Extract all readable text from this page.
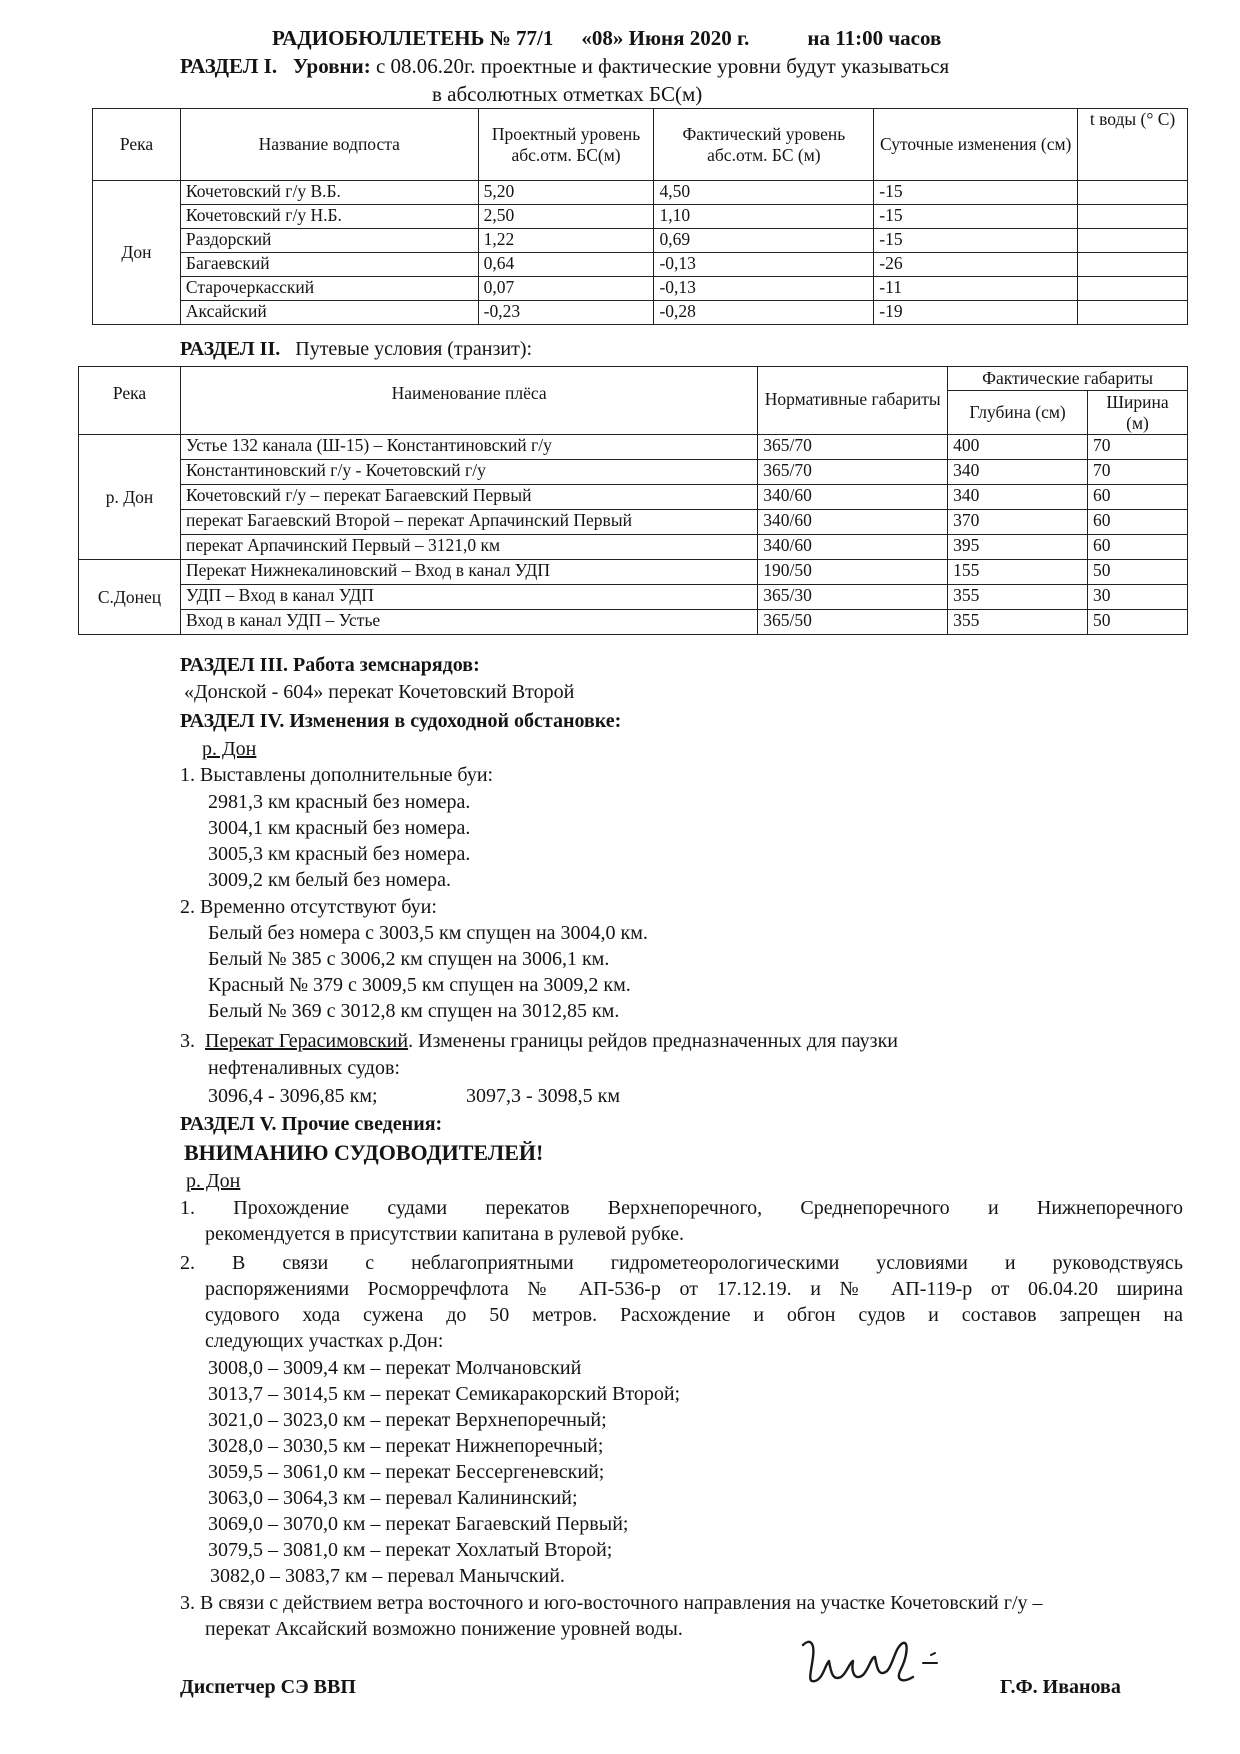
РАДИОБЮЛЛЕТЕНЬ № 77/1 «08» Июня 2020 г.	на 11:00 часов
РАЗДЕЛ I. Уровни: с 08.06.20г. проектные и фактические уровни будут указываться
в абсолютных отметках БС(м)
Река	Название водпоста	Проектный уровень абс.отм. БС(м)	Фактический уровень абс.отм. БС (м)	Суточные изменения (см)	t воды (° С)
Дон	Кочетовский г/у В.Б.	5,20	4,50	-15	
	Кочетовский г/у Н.Б.	2,50	1,10	-15	
	Раздорский	1,22	0,69	-15	
	Багаевский	0,64	-0,13	-26	
	Старочеркасский	0,07	-0,13	-11	
	Аксайский	-0,23	-0,28	-19	
РАЗДЕЛ II. Путевые условия (транзит):
Река	Наименование плёса	Нормативные габариты	Фактические габариты	
			Глубина (см)	Ширина (м)
р. Дон	Устье 132 канала (Ш-15) – Константиновский г/у	365/70	400	70
	Константиновский г/у - Кочетовский г/у	365/70	340	70
	Кочетовский г/у – перекат Багаевский Первый	340/60	340	60
	перекат Багаевский Второй – перекат Арпачинский Первый	340/60	370	60
	перекат Арпачинский Первый – 3121,0 км	340/60	395	60
С.Донец	Перекат Нижнекалиновский – Вход в канал УДП	190/50	155	50
	УДП – Вход в канал УДП	365/30	355	30
	Вход в канал УДП – Устье	365/50	355	50
РАЗДЕЛ III. Работа земснарядов:
«Донской - 604» перекат Кочетовский Второй
РАЗДЕЛ IV. Изменения в судоходной обстановке:
р. Дон
1. Выставлены дополнительные буи:
2981,3 км красный без номера.
3004,1 км красный без номера.
3005,3 км красный без номера.
3009,2 км белый без номера.
2. Временно отсутствуют буи:
Белый без номера с 3003,5 км спущен на 3004,0 км.
Белый № 385 с 3006,2 км спущен на 3006,1 км.
Красный № 379 с 3009,5 км спущен на 3009,2 км.
Белый № 369 с 3012,8 км спущен на 3012,85 км.
3. Перекат Герасимовский. Изменены границы рейдов предназначенных для паузки
нефтеналивных судов:
3096,4 - 3096,85 км;	3097,3 - 3098,5 км
РАЗДЕЛ V. Прочие сведения:
ВНИМАНИЮ СУДОВОДИТЕЛЕЙ!
р. Дон
1. Прохождение судами перекатов Верхнепоречного, Среднепоречного и Нижнепоречного
рекомендуется в присутствии капитана в рулевой рубке.
2. В связи с неблагоприятными гидрометеорологическими условиями и руководствуясь
распоряжениями Росморречфлота № АП-536-р от 17.12.19. и № АП-119-р от 06.04.20 ширина
судового хода сужена до 50 метров. Расхождение и обгон судов и составов запрещен на
следующих участках р.Дон:
3008,0 – 3009,4 км – перекат Молчановский
3013,7 – 3014,5 км – перекат Семикаракорский Второй;
3021,0 – 3023,0 км – перекат Верхнепоречный;
3028,0 – 3030,5 км – перекат Нижнепоречный;
3059,5 – 3061,0 км – перекат Бессергеневский;
3063,0 – 3064,3 км – перевал Калининский;
3069,0 – 3070,0 км – перекат Багаевский Первый;
3079,5 – 3081,0 км – перекат Хохлатый Второй;
3082,0 – 3083,7 км – перевал Манычский.
3. В связи с действием ветра восточного и юго-восточного направления на участке Кочетовский г/у –
перекат Аксайский возможно понижение уровней воды.
Диспетчер СЭ ВВП	Г.Ф. Иванова
